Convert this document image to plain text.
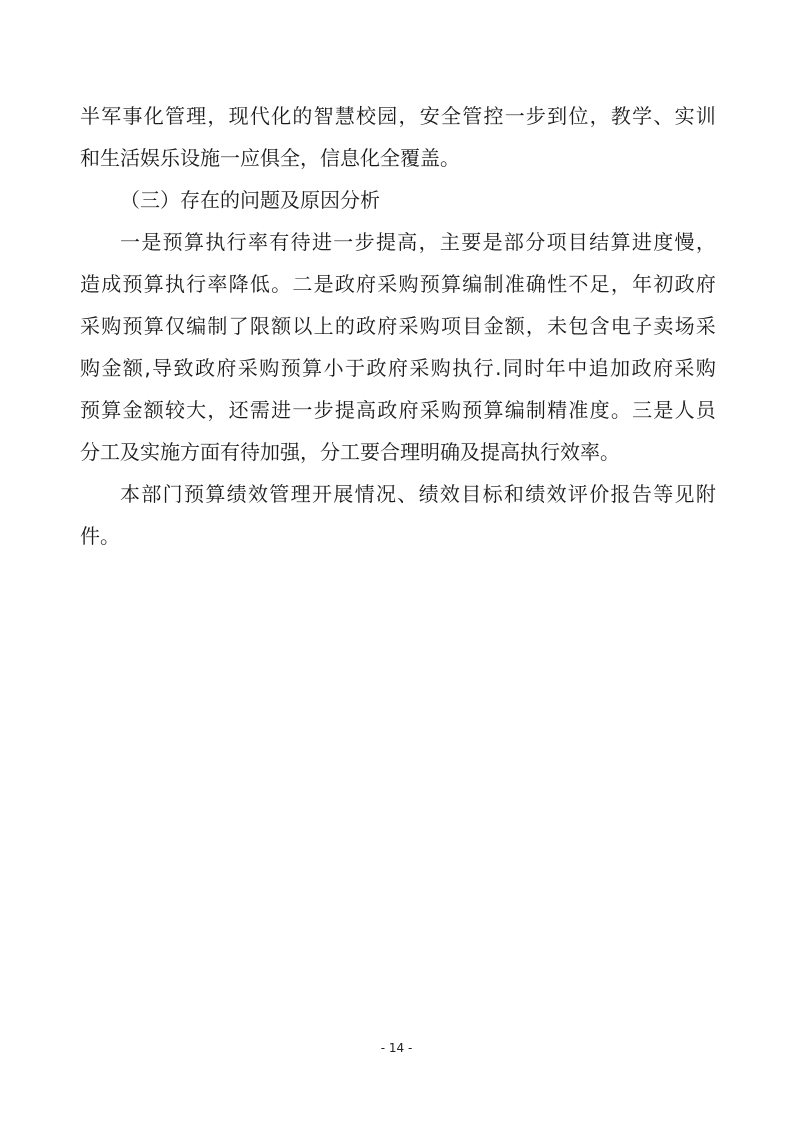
半 军 事 化 管 理 ， 现 代 化 的 智 慧 校 园 ， 安 全 管 控 一 步 到 位 ， 教 学 、 实 训
和生活娱乐设施一应俱全，信息化全覆盖。
（三）存在的问题及原因分析
一 是 预 算 执 行 率 有 待 进 一 步 提 高 ， 主 要 是 部 分 项 目 结 算 进 度 慢 ，
造 成 预 算 执 行 率 降 低 。 二 是 政 府 采 购 预 算 编 制 准 确 性 不 足 ， 年 初 政 府
采 购 预 算 仅 编 制 了 限 额 以 上 的 政 府 采 购 项 目 金 额 ， 未 包 含 电 子 卖 场 采
购 金 额 , 导 致 政 府 采 购 预 算 小 于 政 府 采 购 执 行 . 同 时 年 中 追 加 政 府 采 购
预 算 金 额 较 大 ， 还 需 进 一 步 提 高 政 府 采 购 预 算 编 制 精 准 度 。 三 是 人 员
分工及实施方面有待加强，分工要合理明确及提高执行效率。
本 部 门 预 算 绩 效 管 理 开 展 情 况 、 绩 效 目 标 和 绩 效 评 价 报 告 等 见 附
件。
- 14 -
